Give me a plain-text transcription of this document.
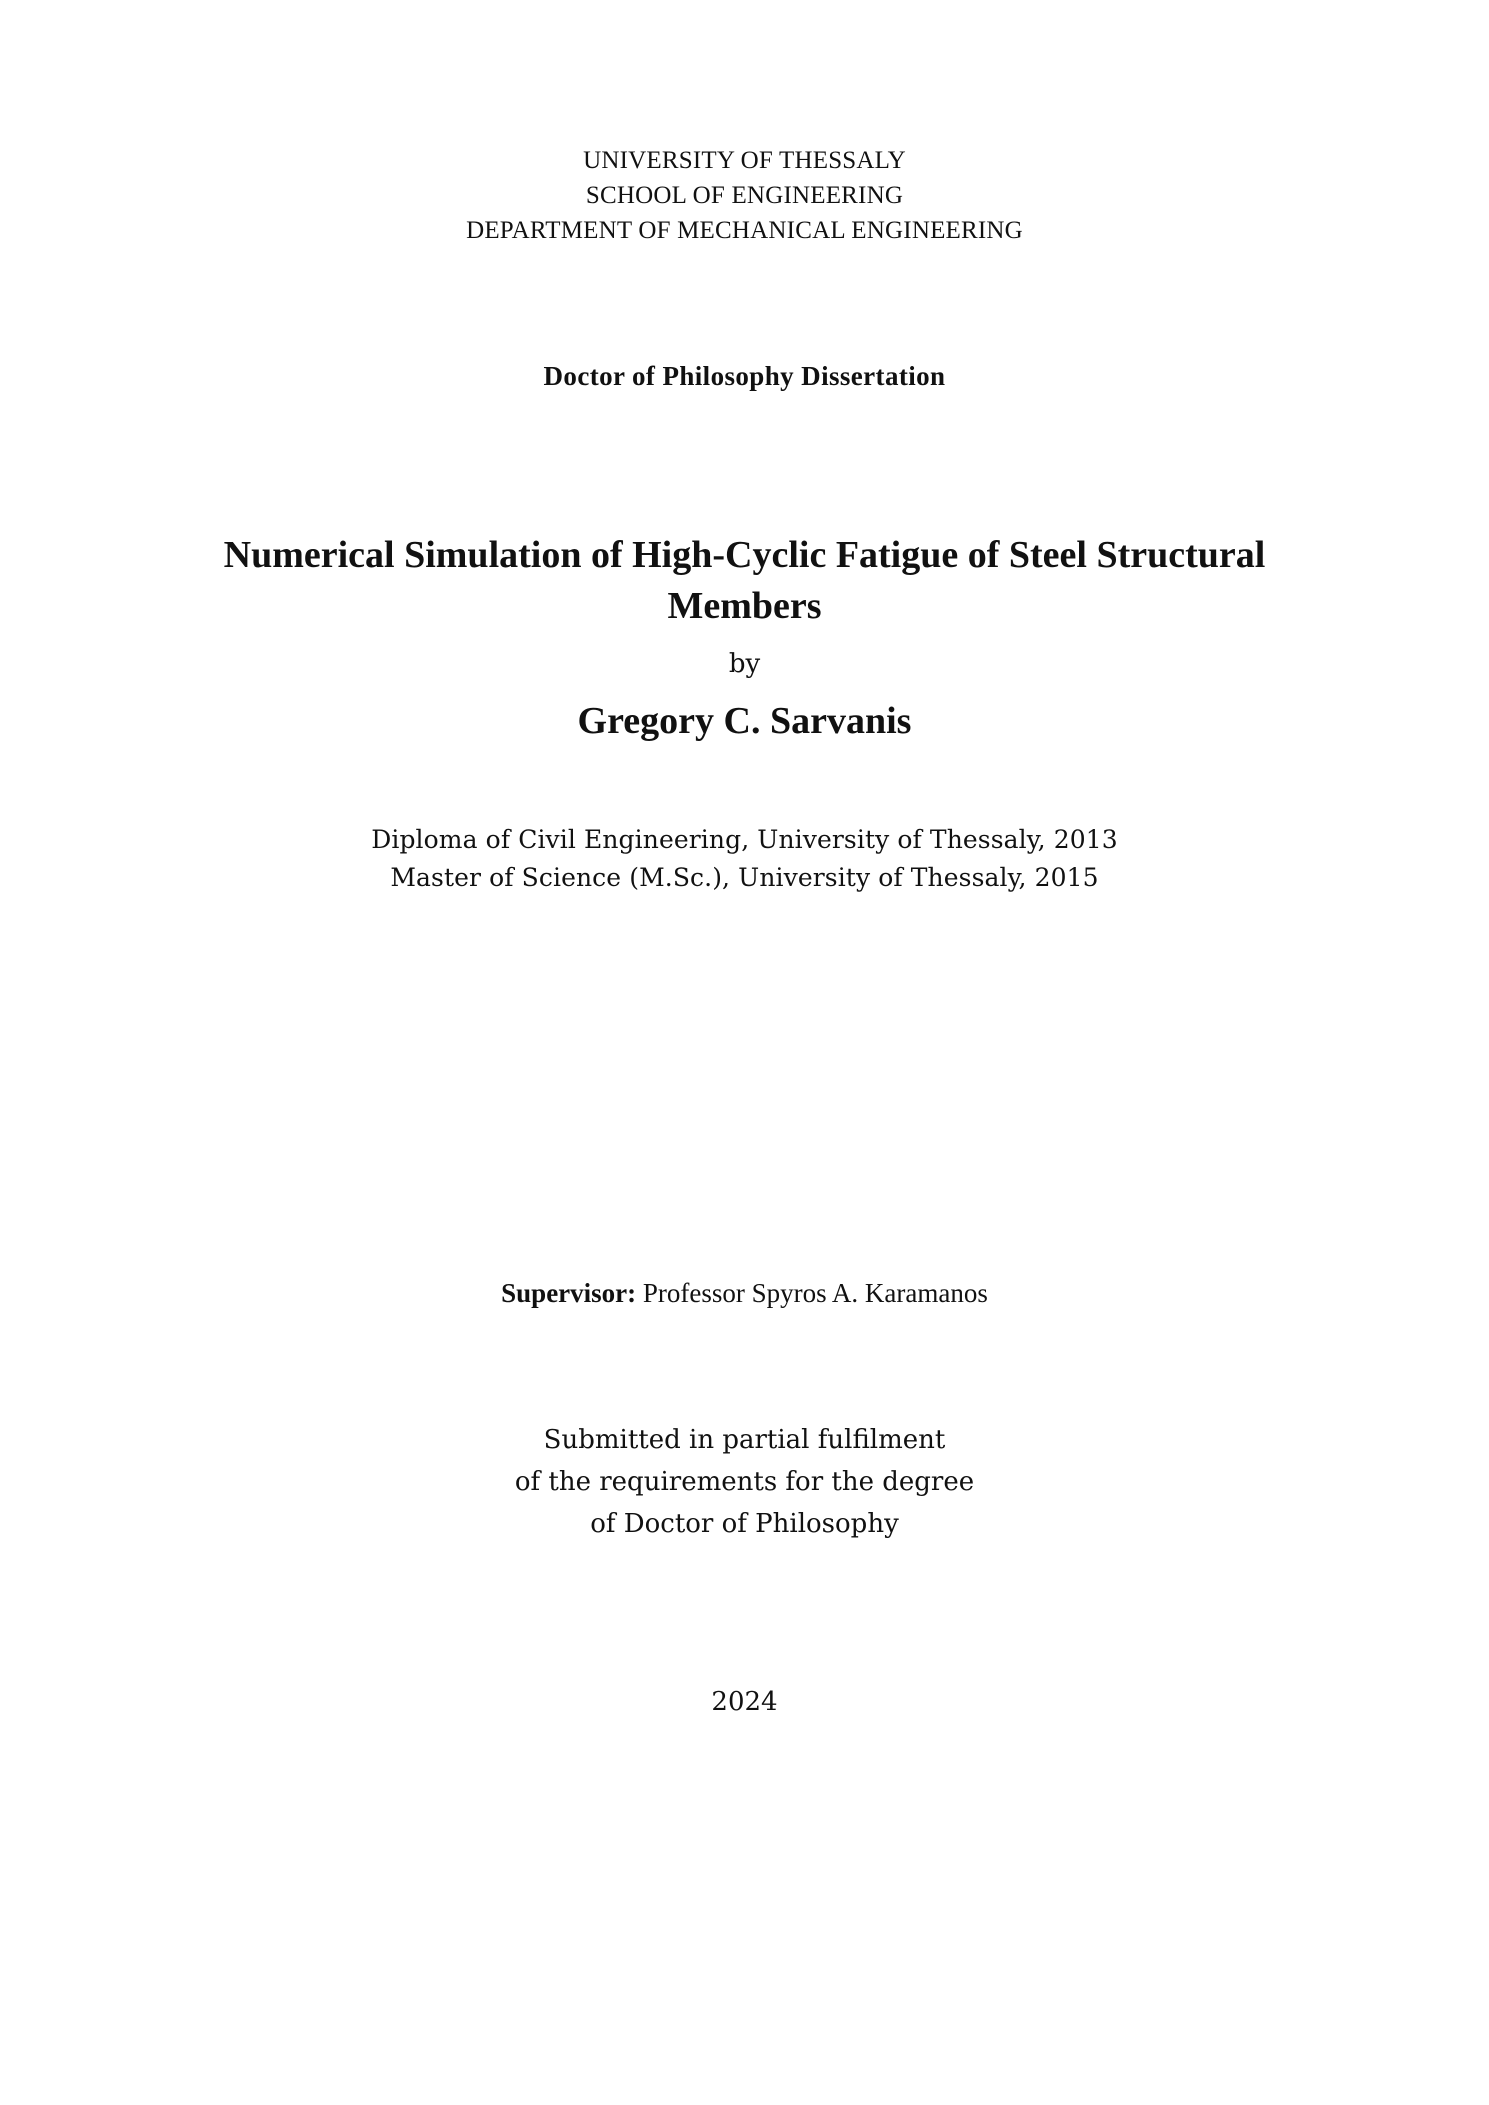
UNIVERSITY OF THESSALY
SCHOOL OF ENGINEERING
DEPARTMENT OF MECHANICAL ENGINEERING
Doctor of Philosophy Dissertation
Numerical Simulation of High-Cyclic Fatigue of Steel Structural
Members
by
Gregory C. Sarvanis
Diploma of Civil Engineering, University of Thessaly, 2013
Master of Science (M.Sc.), University of Thessaly, 2015
Supervisor: Professor Spyros A. Karamanos
Submitted in partial fulfilment
of the requirements for the degree
of Doctor of Philosophy
2024
